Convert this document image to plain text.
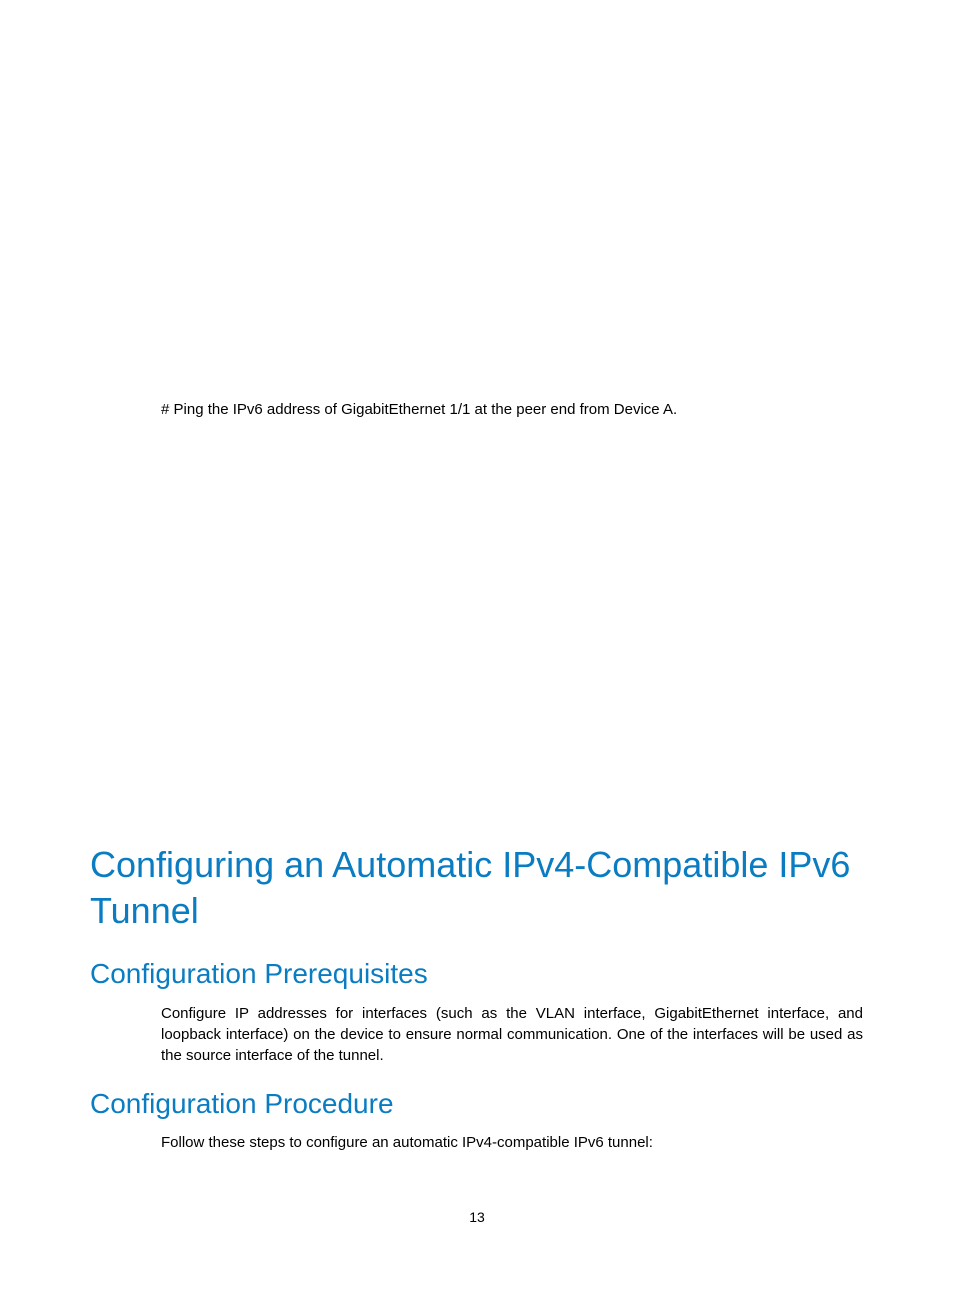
# Ping the IPv6 address of GigabitEthernet 1/1 at the peer end from Device A.

Configuring an Automatic IPv4-Compatible IPv6 Tunnel
Configuration Prerequisites

Configure IP addresses for interfaces (such as the VLAN interface, GigabitEthernet interface, and loopback interface) on the device to ensure normal communication. One of the interfaces will be used as the source interface of the tunnel.

Configuration Procedure

Follow these steps to configure an automatic IPv4-compatible IPv6 tunnel:

13
